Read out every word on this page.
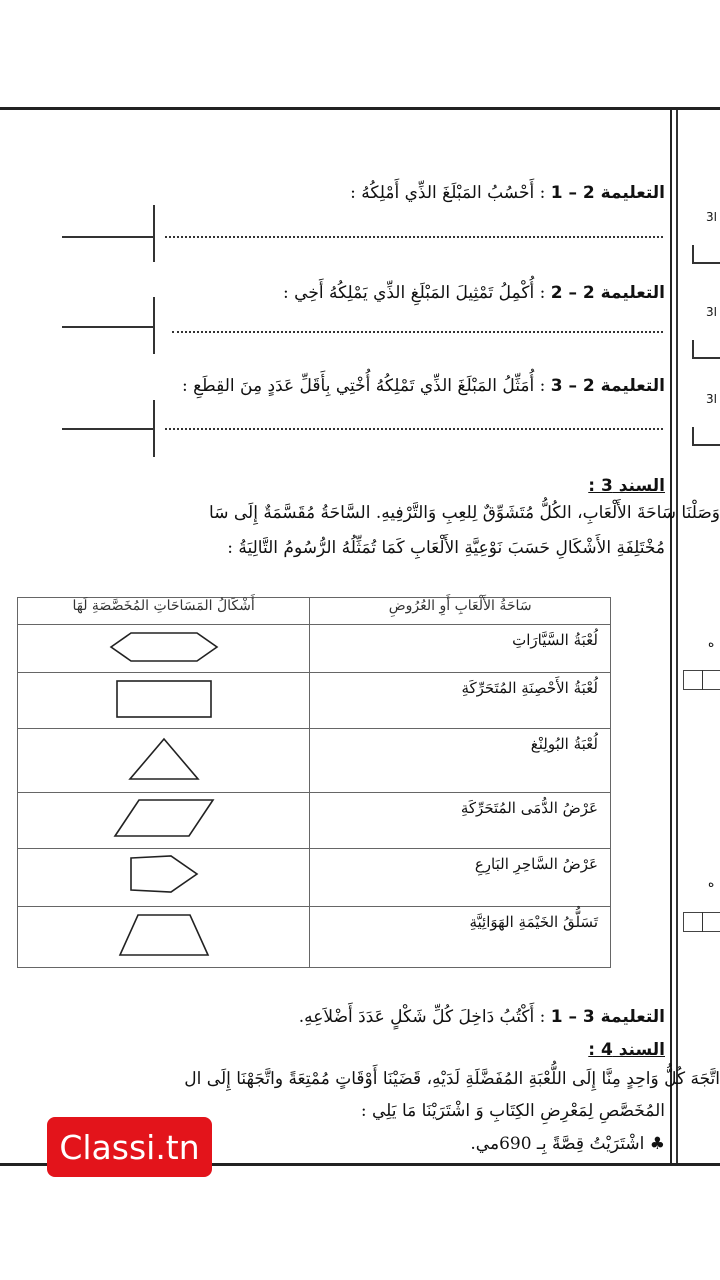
التعليمة 2 – 1 : أَحْسُبُ المَبْلَغَ الذِّي أَمْلِكُهُ :
التعليمة 2 – 2 : أُكْمِلُ تَمْثِيلَ المَبْلَغِ الذِّي يَمْلِكُهُ أَخِي :
التعليمة 2 – 3 : أُمَثِّلُ المَبْلَغَ الذِّي تَمْلِكُهُ أُخْتِي بِأَقَلِّ عَدَدٍ مِنَ القِطَعِ :
السند 3 :
وَصَلْنَا سَاحَةَ الأَلْعَابِ، الكُلُّ مُتَشَوِّقٌ لِلعِبِ وَالتَّرْفِيهِ. السَّاحَةُ مُقَسَّمَةٌ إِلَى سَا
مُخْتَلِفَةِ الأَشْكَالِ حَسَبَ نَوْعِيَّةِ الأَلْعَابِ كَمَا تُمَثِّلُهُ الرُّسُومُ التَّالِيَةُ :
سَاحَةُ الأَلْعَابِ أَوِ العُرُوضِ	أَشْكَالُ المَسَاحَاتِ المُخَصَّصَةِ لَهَا
لُعْبَةُ السَّيَّارَاتِ	
لُعْبَةُ الأَحْصِنَةِ المُتَحَرِّكَةِ	
لُعْبَةُ البُولِنْغ	
عَرْضُ الدُّمَى المُتَحَرِّكَةِ	
عَرْضُ السَّاحِرِ البَارِعِ	
تَسَلُّقُ الخَيْمَةِ الهَوَائِيَّةِ	
التعليمة 3 – 1 : أَكْتُبُ دَاخِلَ كُلِّ شَكْلٍ عَدَدَ أَضْلاَعِهِ.
السند 4 :
اتَّجَهَ كُلُّ وَاحِدٍ مِنَّا إِلَى اللُّعْبَةِ المُفَضَّلَةِ لَدَيْهِ، قَضَيْنَا أَوْقَاتٍ مُمْتِعَةً واتَّجَهْنَا إِلَى ال
المُخَصَّصِ لِمَعْرِضِ الكِتَابِ وَ اشْتَرَيْنَا مَا يَلِي :
♣ اشْتَرَيْتُ قِصَّةً بِـ 690مي.
3ا
3ا
3ا
ه
ه
Classi.tn
